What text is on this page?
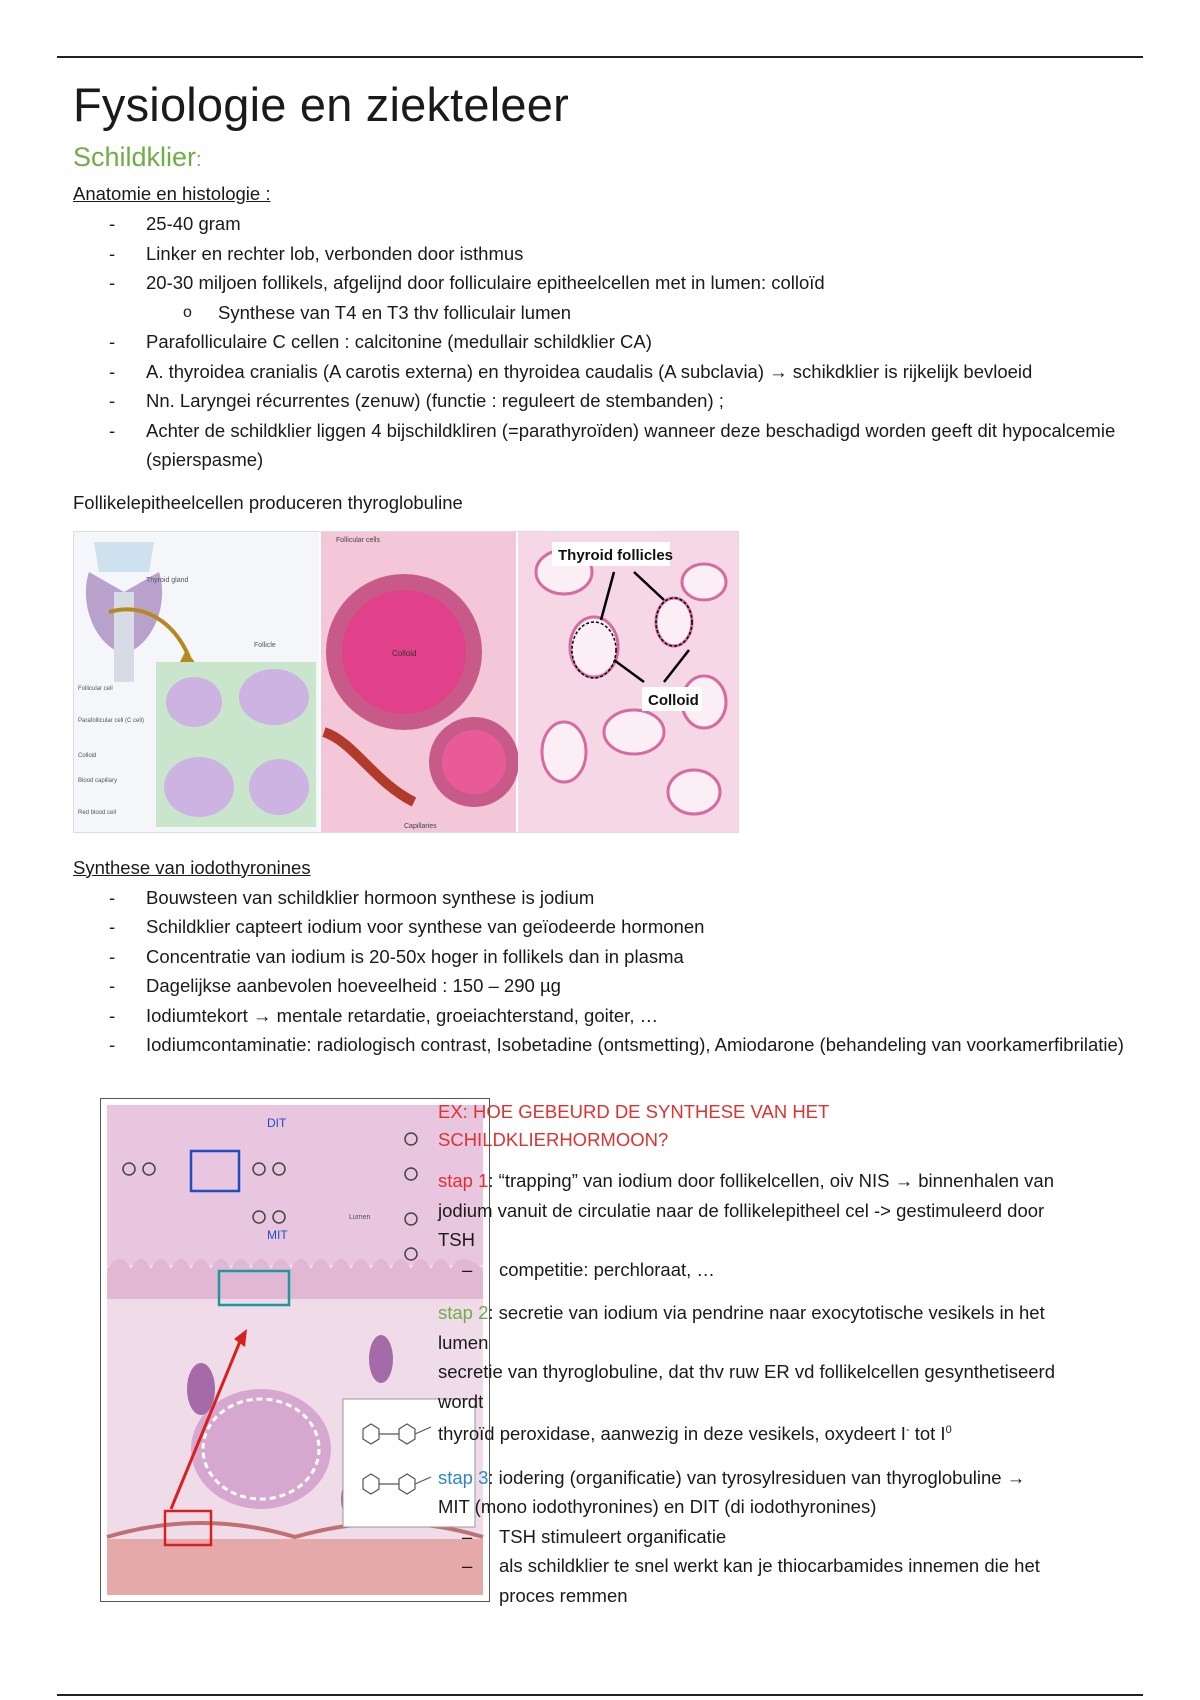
Fysiologie en ziekteleer
Schildklier:
Anatomie en histologie :
- 25-40 gram
- Linker en rechter lob, verbonden door isthmus
- 20-30 miljoen follikels, afgelijnd door folliculaire epitheelcellen met in lumen: colloïd
o Synthese van T4 en T3 thv folliculair lumen
- Parafolliculaire C cellen : calcitonine (medullair schildklier CA)
- A. thyroidea cranialis (A carotis externa) en thyroidea caudalis (A subclavia) → schikdklier is rijkelijk bevloeid
- Nn. Laryngei récurrentes (zenuw) (functie : reguleert de stembanden) ;
- Achter de schildklier liggen 4 bijschildkliren (=parathyroïden) wanneer deze beschadigd worden geeft dit hypocalcemie (spierspasme)
Follikelepitheelcellen produceren thyroglobuline
Thyroid gland
Follicle
Follicular cell
Parafollicular cell (C cell)
Colloid
Blood capillary
Red blood cell
Follicular cells
Colloid
Capillaries
Thyroid follicles
Colloid
Synthese van iodothyronines
- Bouwsteen van schildklier hormoon synthese is jodium
- Schildklier capteert iodium voor synthese van geïodeerde hormonen
- Concentratie van iodium is 20-50x hoger in follikels dan in plasma
- Dagelijkse aanbevolen hoeveelheid : 150 – 290 µg
- Iodiumtekort → mentale retardatie, groeiachterstand, goiter, …
- Iodiumcontaminatie: radiologisch contrast, Isobetadine (ontsmetting), Amiodarone (behandeling van voorkamerfibrilatie)
DIT
MIT
Lumen
EX: HOE GEBEURD DE SYNTHESE VAN HET SCHILDKLIERHORMOON?
stap 1: “trapping” van iodium door follikelcellen, oiv NIS → binnenhalen van jodium vanuit de circulatie naar de follikelepitheel cel -> gestimuleerd door TSH
– competitie: perchloraat, …
stap 2: secretie van iodium via pendrine naar exocytotische vesikels in het lumen
secretie van thyroglobuline, dat thv ruw ER vd follikelcellen gesynthetiseerd wordt
thyroïd peroxidase, aanwezig in deze vesikels, oxydeert I- tot $I^0$
stap 3: iodering (organificatie) van tyrosylresiduen van thyroglobuline → MIT (mono iodothyronines) en DIT (di iodothyronines)
– TSH stimuleert organificatie
– als schildklier te snel werkt kan je thiocarbamides innemen die het proces remmen
